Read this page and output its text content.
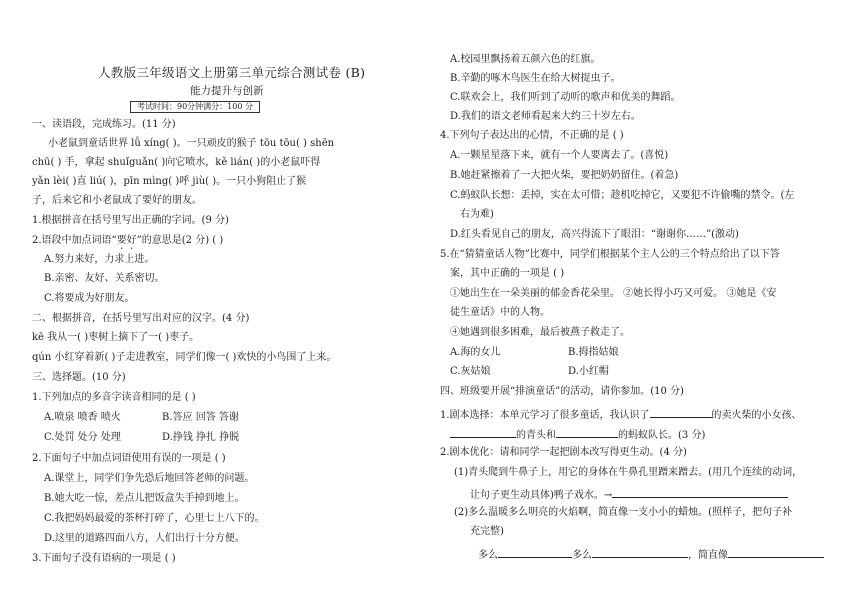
人教版三年级语文上册第三单元综合测试卷 (B)
能力提升与创新
考试时间：90分钟满分：100 分
一、读语段，完成练习。(11 分)
小老鼠到童话世界 lǚ xíng( )。一只顽皮的猴子 tōu tōu( ) shēn
chū( ) 手，拿起 shuǐguǎn( )向它喷水，kě lián( )的小老鼠吓得
yǎn lèi( )直 liú( )，pīn mìng( )呼 jiù( )。一只小狗阻止了猴
子，后来它和小老鼠成了要好的朋友。
1.根据拼音在括号里写出正确的字词。(9 分)
2.语段中加点词语“要好”的意思是(2 分) ( )
A.努力来好，力求上进。
B.亲密、友好、关系密切。
C.将要成为好朋友。
二、根据拼音，在括号里写出对应的汉字。(4 分)
kē 我从一( )枣树上摘下了一( )枣子。
qún 小红穿着新( )子走进教室，同学们像一( )欢快的小鸟围了上来。
三、选择题。(10 分)
1.下列加点的多音字读音相同的是 ( )
A.喷泉 喷香 喷火	B.答应 回答 答谢
C.处罚 处分 处理	D.挣钱 挣扎 挣脱
2.下面句子中加点词语使用有误的一项是 ( )
A.课堂上，同学们争先恐后地回答老师的问题。
B.她大吃一惊，差点儿把饭盒失手掉到地上。
C.我把妈妈最爱的茶杯打碎了，心里七上八下的。
D.这里的道路四面八方，人们出行十分方便。
3.下面句子没有语病的一项是 ( )
A.校园里飘扬着五颜六色的红旗。
B.辛勤的啄木鸟医生在给大树捉虫子。
C.联欢会上，我们听到了动听的歌声和优美的舞蹈。
D.我们的语文老师看起来大约三十岁左右。
4.下列句子表达出的心情，不正确的是 ( )
A.一颗星星落下来，就有一个人要离去了。(喜悦)
B.她赶紧擦着了一大把火柴，要把奶奶留住。(着急)
C.蚂蚁队长想：丢掉，实在太可惜；趁机吃掉它，又要犯不许偷嘴的禁令。(左
右为难)
D.红头看见自己的朋友，高兴得流下了眼泪：“谢谢你……”(激动)
5.在“猜猜童话人物”比赛中，同学们根据某个主人公的三个特点给出了以下答
案，其中正确的一项是 ( )
①她出生在一朵美丽的郁金香花朵里。 ②她长得小巧又可爱。 ③她是《安
徒生童话》中的人物。
④她遇到很多困难，最后被燕子救走了。
A.海的女儿	B.拇指姑娘
C.灰姑娘	D.小红帽
四、班级要开展“排演童话”的活动，请你参加。(10 分)
1.剧本选择：本单元学习了很多童话，我认识了	的卖火柴的小女孩、
的青头和	的蚂蚁队长。(3 分)
2.剧本优化：请和同学一起把剧本改写得更生动。(4 分)
(1)青头爬到牛鼻子上，用它的身体在牛鼻孔里蹭来蹭去。(用几个连续的动词，
让句子更生动具体)鸭子戏水。→
(2)多么温暖多么明亮的火焰啊，简直像一支小小的蜡烛。(照样子，把句子补
充完整)
多么	多么	，简直像
